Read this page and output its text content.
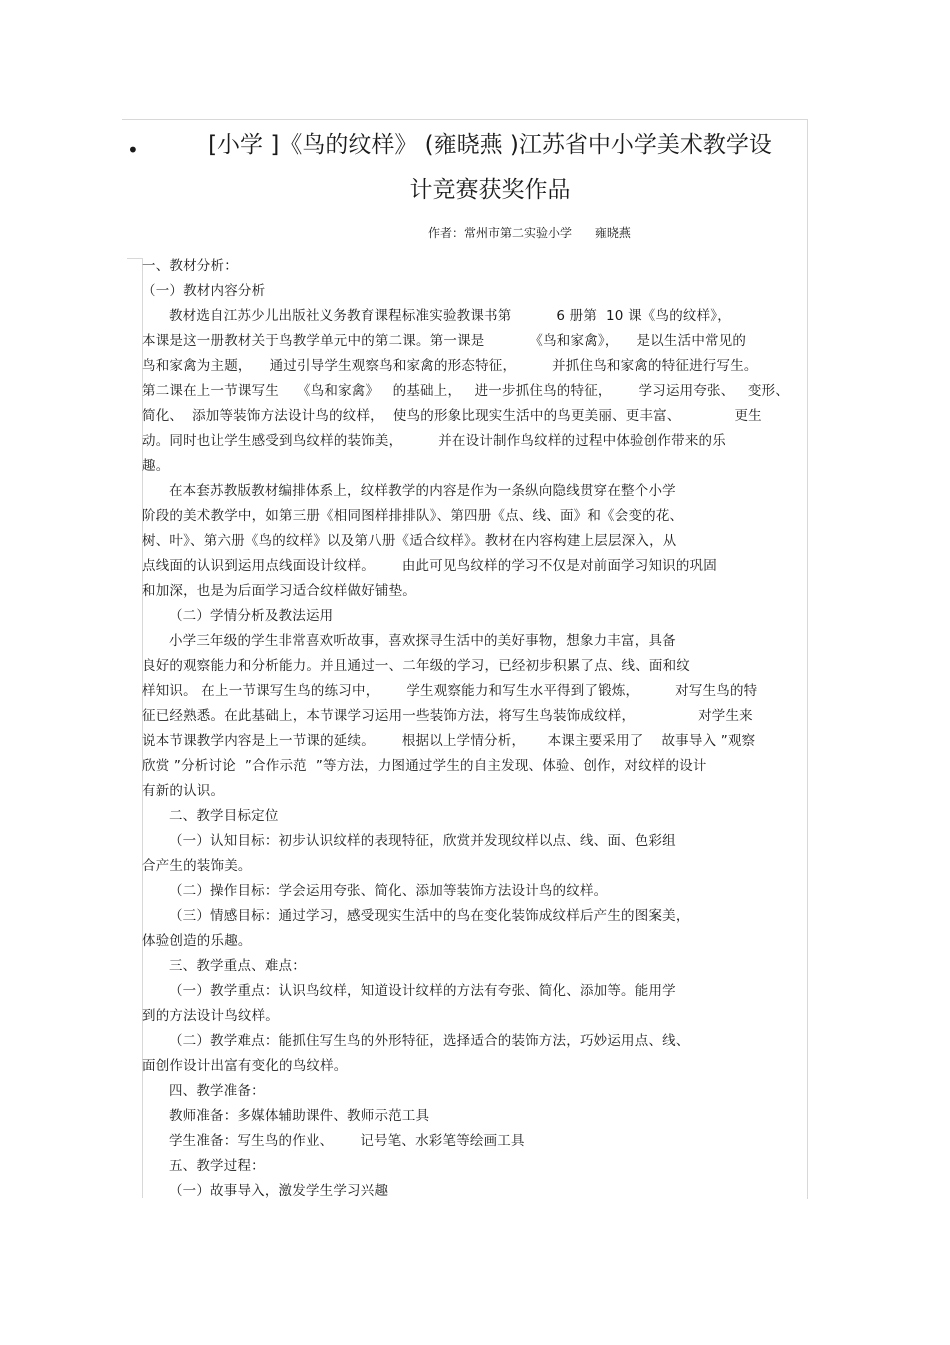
•	[小学 ]《鸟的纹样》 (雍晓燕 )江苏省中小学美术教学设
计竞赛获奖作品
作者：常州市第二实验小学      雍晓燕
一、教材分析：
（一）教材内容分析
教材选自江苏少儿出版社义务教育课程标准实验教课书第          6 册第  10 课《鸟的纹样》，
本课是这一册教材关于鸟教学单元中的第二课。第一课是          《鸟和家禽》，    是以生活中常见的
鸟和家禽为主题，    通过引导学生观察鸟和家禽的形态特征，        并抓住鸟和家禽的特征进行写生。
第二课在上一节课写生    《鸟和家禽》   的基础上，   进一步抓住鸟的特征，      学习运用夸张、   变形、
简化、  添加等装饰方法设计鸟的纹样，  使鸟的形象比现实生活中的鸟更美丽、更丰富、            更生
动。同时也让学生感受到鸟纹样的装饰美，        并在设计制作鸟纹样的过程中体验创作带来的乐
趣。
在本套苏教版教材编排体系上，纹样教学的内容是作为一条纵向隐线贯穿在整个小学
阶段的美术教学中，如第三册《相同图样排排队》、第四册《点、线、面》和《会变的花、
树、叶》、第六册《鸟的纹样》以及第八册《适合纹样》。教材在内容构建上层层深入，从
点线面的认识到运用点线面设计纹样。      由此可见鸟纹样的学习不仅是对前面学习知识的巩固
和加深，也是为后面学习适合纹样做好铺垫。
（二）学情分析及教法运用
小学三年级的学生非常喜欢听故事，喜欢探寻生活中的美好事物，想象力丰富，具备
良好的观察能力和分析能力。并且通过一、二年级的学习，已经初步积累了点、线、面和纹
样知识。 在上一节课写生鸟的练习中，      学生观察能力和写生水平得到了锻炼，        对写生鸟的特
征已经熟悉。在此基础上，本节课学习运用一些装饰方法，将写生鸟装饰成纹样，              对学生来
说本节课教学内容是上一节课的延续。      根据以上学情分析，     本课主要采用了    故事导入 ”观察
欣赏 ”分析讨论  ”合作示范  ”等方法，力图通过学生的自主发现、体验、创作，对纹样的设计
有新的认识。
二、教学目标定位
（一）认知目标：初步认识纹样的表现特征，欣赏并发现纹样以点、线、面、色彩组
合产生的装饰美。
（二）操作目标：学会运用夸张、简化、添加等装饰方法设计鸟的纹样。
（三）情感目标：通过学习，感受现实生活中的鸟在变化装饰成纹样后产生的图案美，
体验创造的乐趣。
三、教学重点、难点：
（一）教学重点：认识鸟纹样，知道设计纹样的方法有夸张、简化、添加等。能用学
到的方法设计鸟纹样。
（二）教学难点：能抓住写生鸟的外形特征，选择适合的装饰方法，巧妙运用点、线、
面创作设计出富有变化的鸟纹样。
四、教学准备：
教师准备：多媒体辅助课件、教师示范工具
学生准备：写生鸟的作业、      记号笔、水彩笔等绘画工具
五、教学过程：
（一）故事导入，激发学生学习兴趣
